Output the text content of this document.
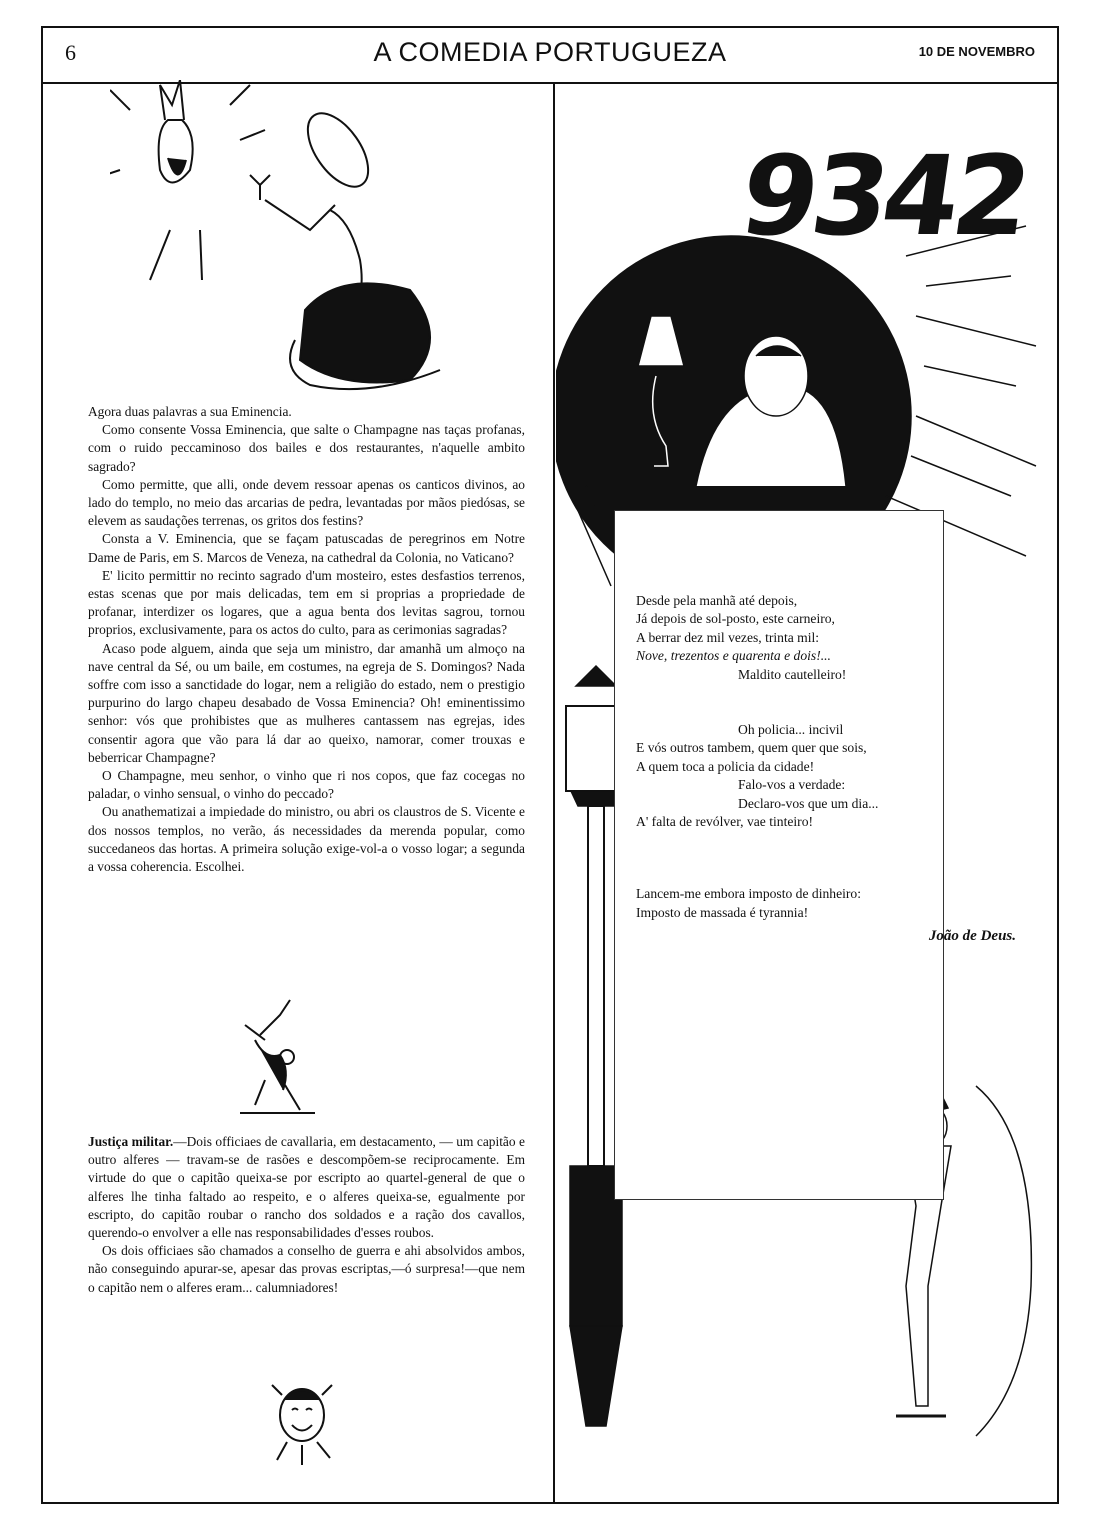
6	A COMEDIA PORTUGUEZA	10 DE NOVEMBRO

Agora duas palavras a sua Eminencia.

Como consente Vossa Eminencia, que salte o Champagne nas taças profanas, com o ruido peccaminoso dos bailes e dos restaurantes, n'aquelle ambito sagrado?

Como permitte, que alli, onde devem ressoar apenas os canticos divinos, ao lado do templo, no meio das arcarias de pedra, levantadas por mãos piedósas, se elevem as saudações terrenas, os gritos dos festins?

Consta a V. Eminencia, que se façam patuscadas de peregrinos em Notre Dame de Paris, em S. Marcos de Veneza, na cathedral da Colonia, no Vaticano?

E' licito permittir no recinto sagrado d'um mosteiro, estes desfastios terrenos, estas scenas que por mais delicadas, tem em si proprias a propriedade de profanar, interdizer os logares, que a agua benta dos levitas sagrou, tornou proprios, exclusivamente, para os actos do culto, para as cerimonias sagradas?

Acaso pode alguem, ainda que seja um ministro, dar amanhã um almoço na nave central da Sé, ou um baile, em costumes, na egreja de S. Domingos? Nada soffre com isso a sanctidade do logar, nem a religião do estado, nem o prestigio purpurino do largo chapeu desabado de Vossa Eminencia? Oh! eminentissimo senhor: vós que prohibistes que as mulheres cantassem nas egrejas, ides consentir agora que vão para lá dar ao queixo, namorar, comer trouxas e beberricar Champagne?

O Champagne, meu senhor, o vinho que ri nos copos, que faz cocegas no paladar, o vinho sensual, o vinho do peccado?

Ou anathematizai a impiedade do ministro, ou abri os claustros de S. Vicente e dos nossos templos, no verão, ás necessidades da merenda popular, como succedaneos das hortas. A primeira solução exige-vol-a o vosso logar; a segunda a vossa coherencia. Escolhei.

Justiça militar.—Dois officiaes de cavallaria, em destacamento, — um capitão e outro alferes — travam-se de rasões e descompõem-se reciprocamente. Em virtude do que o capitão queixa-se por escripto ao quartel-general de que o alferes lhe tinha faltado ao respeito, e o alferes queixa-se, egualmente por escripto, do capitão roubar o rancho dos soldados e a ração dos cavallos, querendo-o envolver a elle nas responsabilidades d'esses roubos.

Os dois officiaes são chamados a conselho de guerra e ahi absolvidos ambos, não conseguindo apurar-se, apesar das provas escriptas,—ó surpresa!—que nem o capitão nem o alferes eram... calumniadores!

9342
Desde pela manhã até depois,
Já depois de sol-posto, este carneiro,
A berrar dez mil vezes, trinta mil:
Nove, trezentos e quarenta e dois!...
Maldito cautelleiro!
Oh policia... incivil
E vós outros tambem, quem quer que sois,
A quem toca a policia da cidade!
Falo-vos a verdade:
Declaro-vos que um dia...
A' falta de revólver, vae tinteiro!
Lancem-me embora imposto de dinheiro:
Imposto de massada é tyrannia!
João de Deus.
